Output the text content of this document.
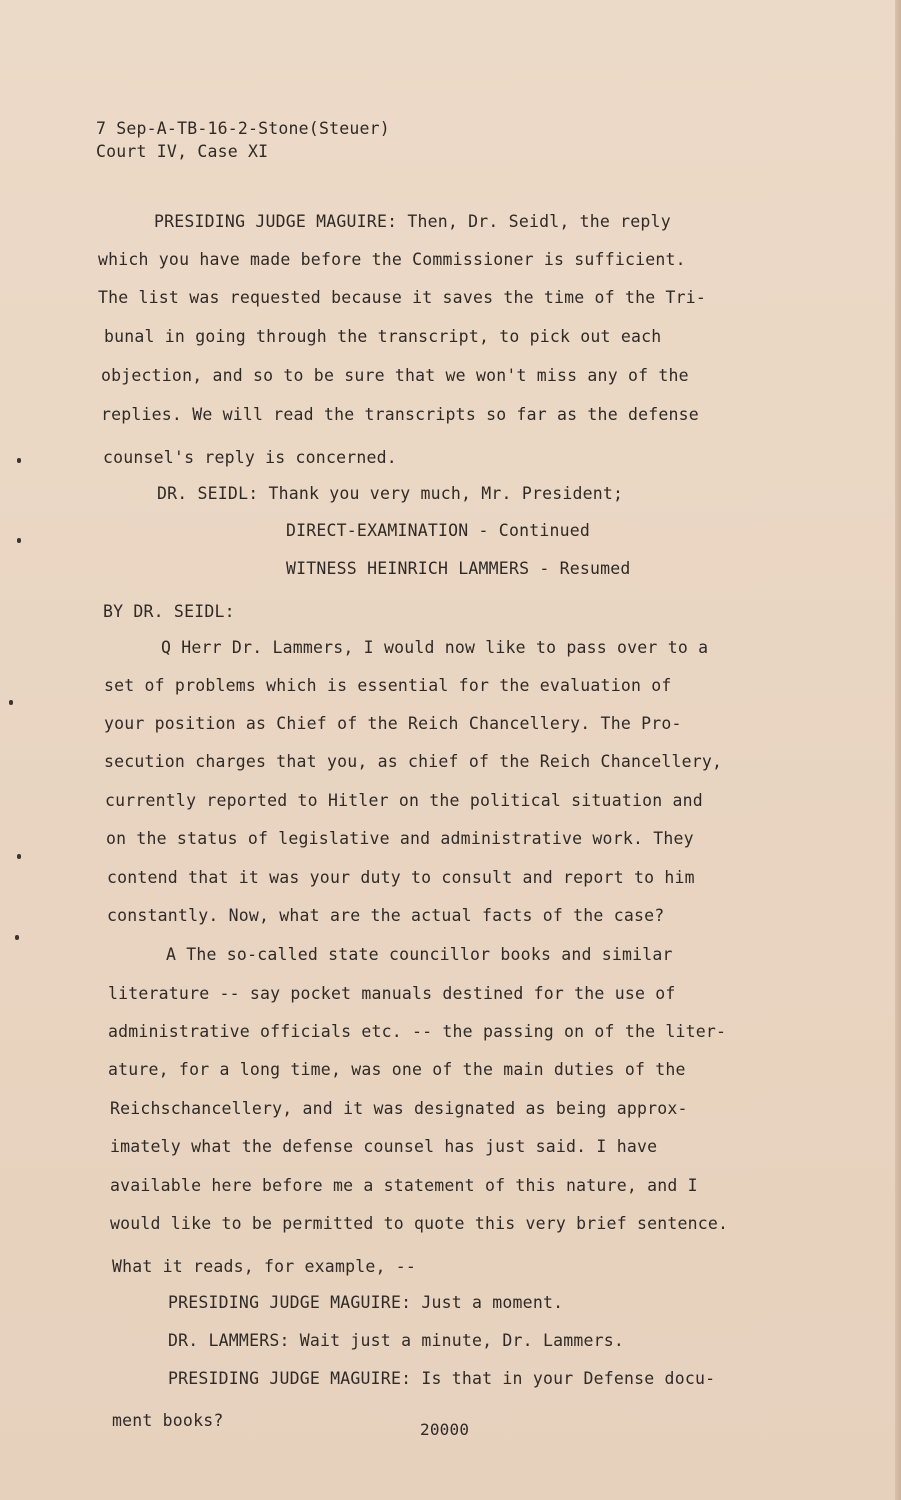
7 Sep-A-TB-16-2-Stone(Steuer)
Court IV, Case XI
PRESIDING JUDGE MAGUIRE: Then, Dr. Seidl, the reply
which you have made before the Commissioner is sufficient.
The list was requested because it saves the time of the Tri-
bunal in going through the transcript, to pick out each
objection, and so to be sure that we won't miss any of the
replies. We will read the transcripts so far as the defense
counsel's reply is concerned.
DR. SEIDL: Thank you very much, Mr. President;
DIRECT-EXAMINATION - Continued
WITNESS HEINRICH LAMMERS - Resumed
BY DR. SEIDL:
Q Herr Dr. Lammers, I would now like to pass over to a
set of problems which is essential for the evaluation of
your position as Chief of the Reich Chancellery. The Pro-
secution charges that you, as chief of the Reich Chancellery,
currently reported to Hitler on the political situation and
on the status of legislative and administrative work. They
contend that it was your duty to consult and report to him
constantly. Now, what are the actual facts of the case?
A The so-called state councillor books and similar
literature -- say pocket manuals destined for the use of
administrative officials etc. -- the passing on of the liter-
ature, for a long time, was one of the main duties of the
Reichschancellery, and it was designated as being approx-
imately what the defense counsel has just said. I have
available here before me a statement of this nature, and I
would like to be permitted to quote this very brief sentence.
What it reads, for example, --
PRESIDING JUDGE MAGUIRE: Just a moment.
DR. LAMMERS: Wait just a minute, Dr. Lammers.
PRESIDING JUDGE MAGUIRE: Is that in your Defense docu-
ment books?	20000
